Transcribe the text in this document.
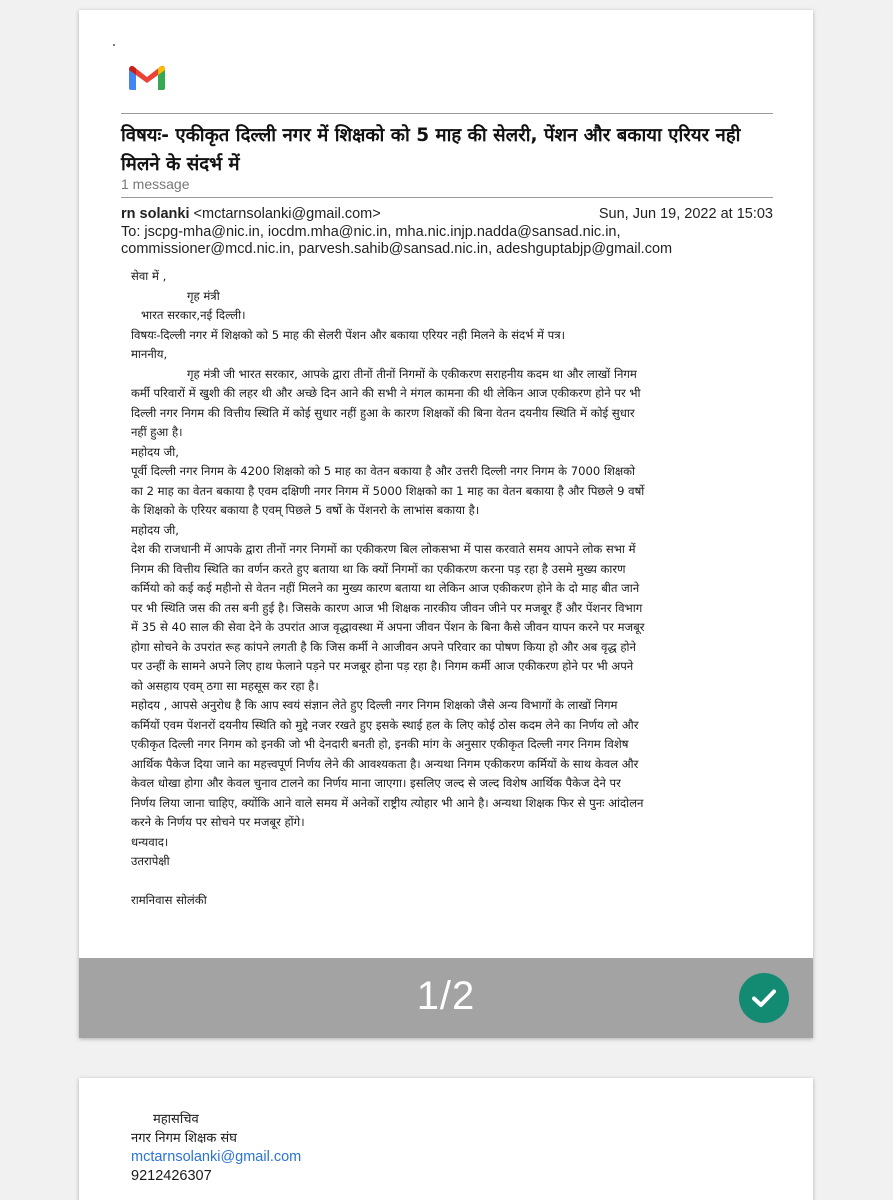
विषयः- एकीकृत दिल्ली नगर में शिक्षको को 5 माह की सेलरी, पेंशन और बकाया एरियर नही मिलने के संदर्भ में
1 message
rn solanki <mctarnsolanki@gmail.com>	Sun, Jun 19, 2022 at 15:03
To: jscpg-mha@nic.in, iocdm.mha@nic.in, mha.nic.injp.nadda@sansad.nic.in,
commissioner@mcd.nic.in, parvesh.sahib@sansad.nic.in, adeshguptabjp@gmail.com
सेवा में ,
गृह मंत्री
भारत सरकार,नई दिल्ली।
विषयः-दिल्ली नगर में शिक्षको को 5 माह की सेलरी पेंशन और बकाया एरियर नही मिलने के संदर्भ में पत्र।
माननीय,
गृह मंत्री जी भारत सरकार, आपके द्वारा तीनों तीनों निगमों के एकीकरण सराहनीय कदम था और लाखों निगम
कर्मी परिवारों में खुशी की लहर थी और अच्छे दिन आने की सभी ने मंगल कामना की थी लेकिन आज एकीकरण होने पर भी
दिल्ली नगर निगम की वित्तीय स्थिति में कोई सुधार नहीं हुआ के कारण शिक्षकों की बिना वेतन दयनीय स्थिति में कोई सुधार
नहीं हुआ है।
महोदय जी,
पूर्वी दिल्ली नगर निगम के 4200 शिक्षको को 5 माह का वेतन बकाया है और उत्तरी दिल्ली नगर निगम के 7000 शिक्षको
का 2 माह का वेतन बकाया है एवम दक्षिणी नगर निगम में 5000 शिक्षको का 1 माह का वेतन बकाया है और पिछले 9 वर्षो
के शिक्षको के एरियर बकाया है एवम् पिछले 5 वर्षो के पेंशनरो के लाभांस बकाया है।
महोदय जी,
देश की राजधानी में आपके द्वारा तीनों नगर निगमों का एकीकरण बिल लोकसभा में पास करवाते समय आपने लोक सभा में
निगम की वित्तीय स्थिति का वर्णन करते हुए बताया था कि क्यों निगमों का एकीकरण करना पड़ रहा है उसमे मुख्य कारण
कर्मियो को कई कई महीनो से वेतन नहीं मिलने का मुख्य कारण बताया था लेकिन आज एकीकरण होने के दो माह बीत जाने
पर भी स्थिति जस की तस बनी हुई है। जिसके कारण आज भी शिक्षक नारकीय जीवन जीने पर मजबूर हैं और पेंशनर विभाग
में 35 से 40 साल की सेवा देने के उपरांत आज वृद्धावस्था में अपना जीवन पेंशन के बिना कैसे जीवन यापन करने पर मजबूर
होगा सोचने के उपरांत रूह कांपने लगती है कि जिस कर्मी ने आजीवन अपने परिवार का पोषण किया हो और अब वृद्ध होने
पर उन्हीं के सामने अपने लिए हाथ फेलाने पड़ने पर मजबूर होना पड़ रहा है। निगम कर्मी आज एकीकरण होने पर भी अपने
को असहाय एवम् ठगा सा महसूस कर रहा है।
महोदय , आपसे अनुरोध है कि आप स्वयं संज्ञान लेते हुए दिल्ली नगर निगम शिक्षको जैसे अन्य विभागों के लाखों निगम
कर्मियों एवम पेंशनरों दयनीय स्थिति को मुद्दे नजर रखते हुए इसके स्थाई हल के लिए कोई ठोस कदम लेने का निर्णय लो और
एकीकृत दिल्ली नगर निगम को इनकी जो भी देनदारी बनती हो, इनकी मांग के अनुसार एकीकृत दिल्ली नगर निगम विशेष
आर्थिक पैकेज दिया जाने का महत्त्वपूर्ण निर्णय लेने की आवश्यकता है। अन्यथा निगम एकीकरण कर्मियों के साथ केवल और
केवल धोखा होगा और केवल चुनाव टालने का निर्णय माना जाएगा। इसलिए जल्द से जल्द विशेष आर्थिक पैकेज देने पर
निर्णय लिया जाना चाहिए, क्योंकि आने वाले समय में अनेकों राष्ट्रीय त्योहार भी आने है। अन्यथा शिक्षक फिर से पुनः आंदोलन
करने के निर्णय पर सोचने पर मजबूर होंगे।
धन्यवाद।
उतरापेक्षी

रामनिवास सोलंकी
1/2
महासचिव
नगर निगम शिक्षक संघ
mctarnsolanki@gmail.com
9212426307
